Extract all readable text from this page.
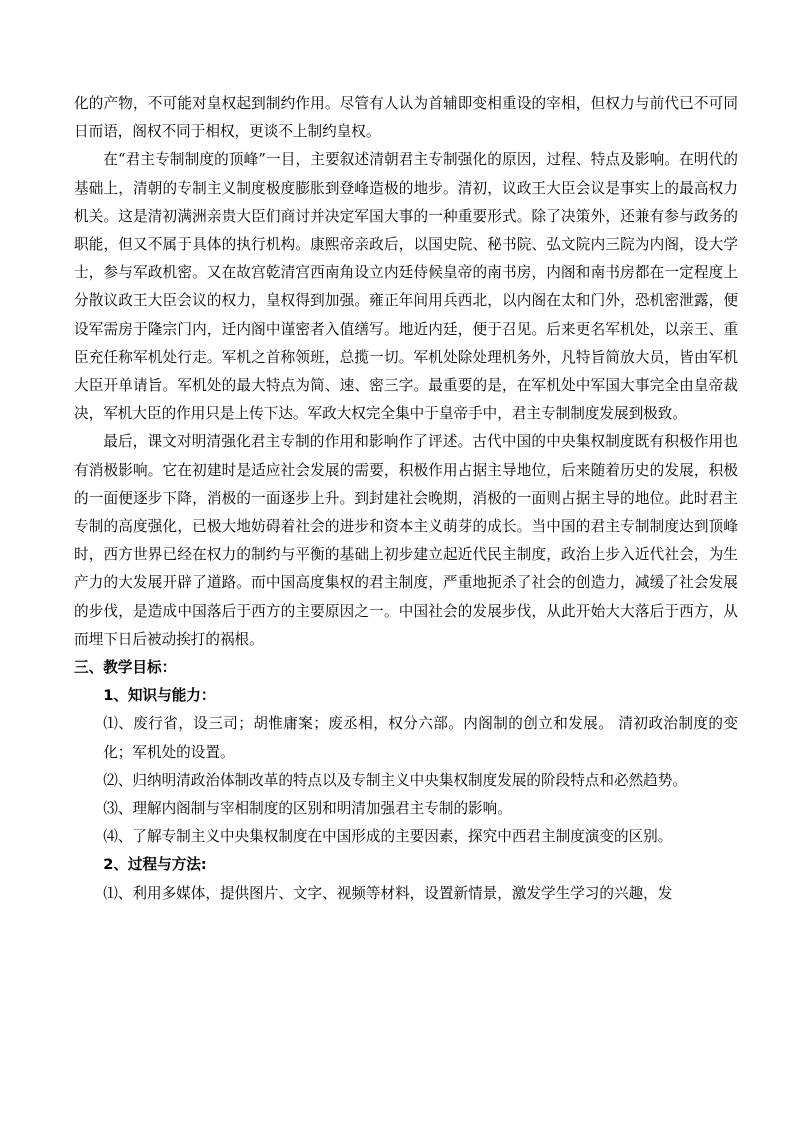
化的产物，不可能对皇权起到制约作用。尽管有人认为首辅即变相重设的宰相，但权力与前代已不可同日而语，阁权不同于相权，更谈不上制约皇权。

在“君主专制制度的顶峰”一目，主要叙述清朝君主专制强化的原因，过程、特点及影响。在明代的基础上，清朝的专制主义制度极度膨胀到登峰造极的地步。清初，议政王大臣会议是事实上的最高权力机关。这是清初满洲亲贵大臣们商讨并决定军国大事的一种重要形式。除了决策外，还兼有参与政务的职能，但又不属于具体的执行机构。康熙帝亲政后，以国史院、秘书院、弘文院内三院为内阁，设大学士，参与军政机密。又在故宫乾清宫西南角设立内廷侍候皇帝的南书房，内阁和南书房都在一定程度上分散议政王大臣会议的权力，皇权得到加强。雍正年间用兵西北，以内阁在太和门外，恐机密泄露，便设军需房于隆宗门内，迁内阁中谨密者入值缮写。地近内廷，便于召见。后来更名军机处，以亲王、重臣充任称军机处行走。军机之首称领班，总揽一切。军机处除处理机务外，凡特旨简放大员，皆由军机大臣开单请旨。军机处的最大特点为简、速、密三字。最重要的是，在军机处中军国大事完全由皇帝裁决，军机大臣的作用只是上传下达。军政大权完全集中于皇帝手中，君主专制制度发展到极致。

最后，课文对明清强化君主专制的作用和影响作了评述。古代中国的中央集权制度既有积极作用也有消极影响。它在初建时是适应社会发展的需要，积极作用占据主导地位，后来随着历史的发展，积极的一面便逐步下降，消极的一面逐步上升。到封建社会晚期，消极的一面则占据主导的地位。此时君主专制的高度强化，已极大地妨碍着社会的进步和资本主义萌芽的成长。当中国的君主专制制度达到顶峰时，西方世界已经在权力的制约与平衡的基础上初步建立起近代民主制度，政治上步入近代社会，为生产力的大发展开辟了道路。而中国高度集权的君主制度，严重地扼杀了社会的创造力，减缓了社会发展的步伐，是造成中国落后于西方的主要原因之一。中国社会的发展步伐，从此开始大大落后于西方，从而埋下日后被动挨打的祸根。

三、教学目标：

1、知识与能力：

⑴、废行省，设三司；胡惟庸案；废丞相，权分六部。内阁制的创立和发展。 清初政治制度的变化；军机处的设置。

⑵、归纳明清政治体制改革的特点以及专制主义中央集权制度发展的阶段特点和必然趋势。

⑶、理解内阁制与宰相制度的区别和明清加强君主专制的影响。

⑷、了解专制主义中央集权制度在中国形成的主要因素，探究中西君主制度演变的区别。

2、过程与方法:

⑴、利用多媒体，提供图片、文字、视频等材料，设置新情景，激发学生学习的兴趣，发
